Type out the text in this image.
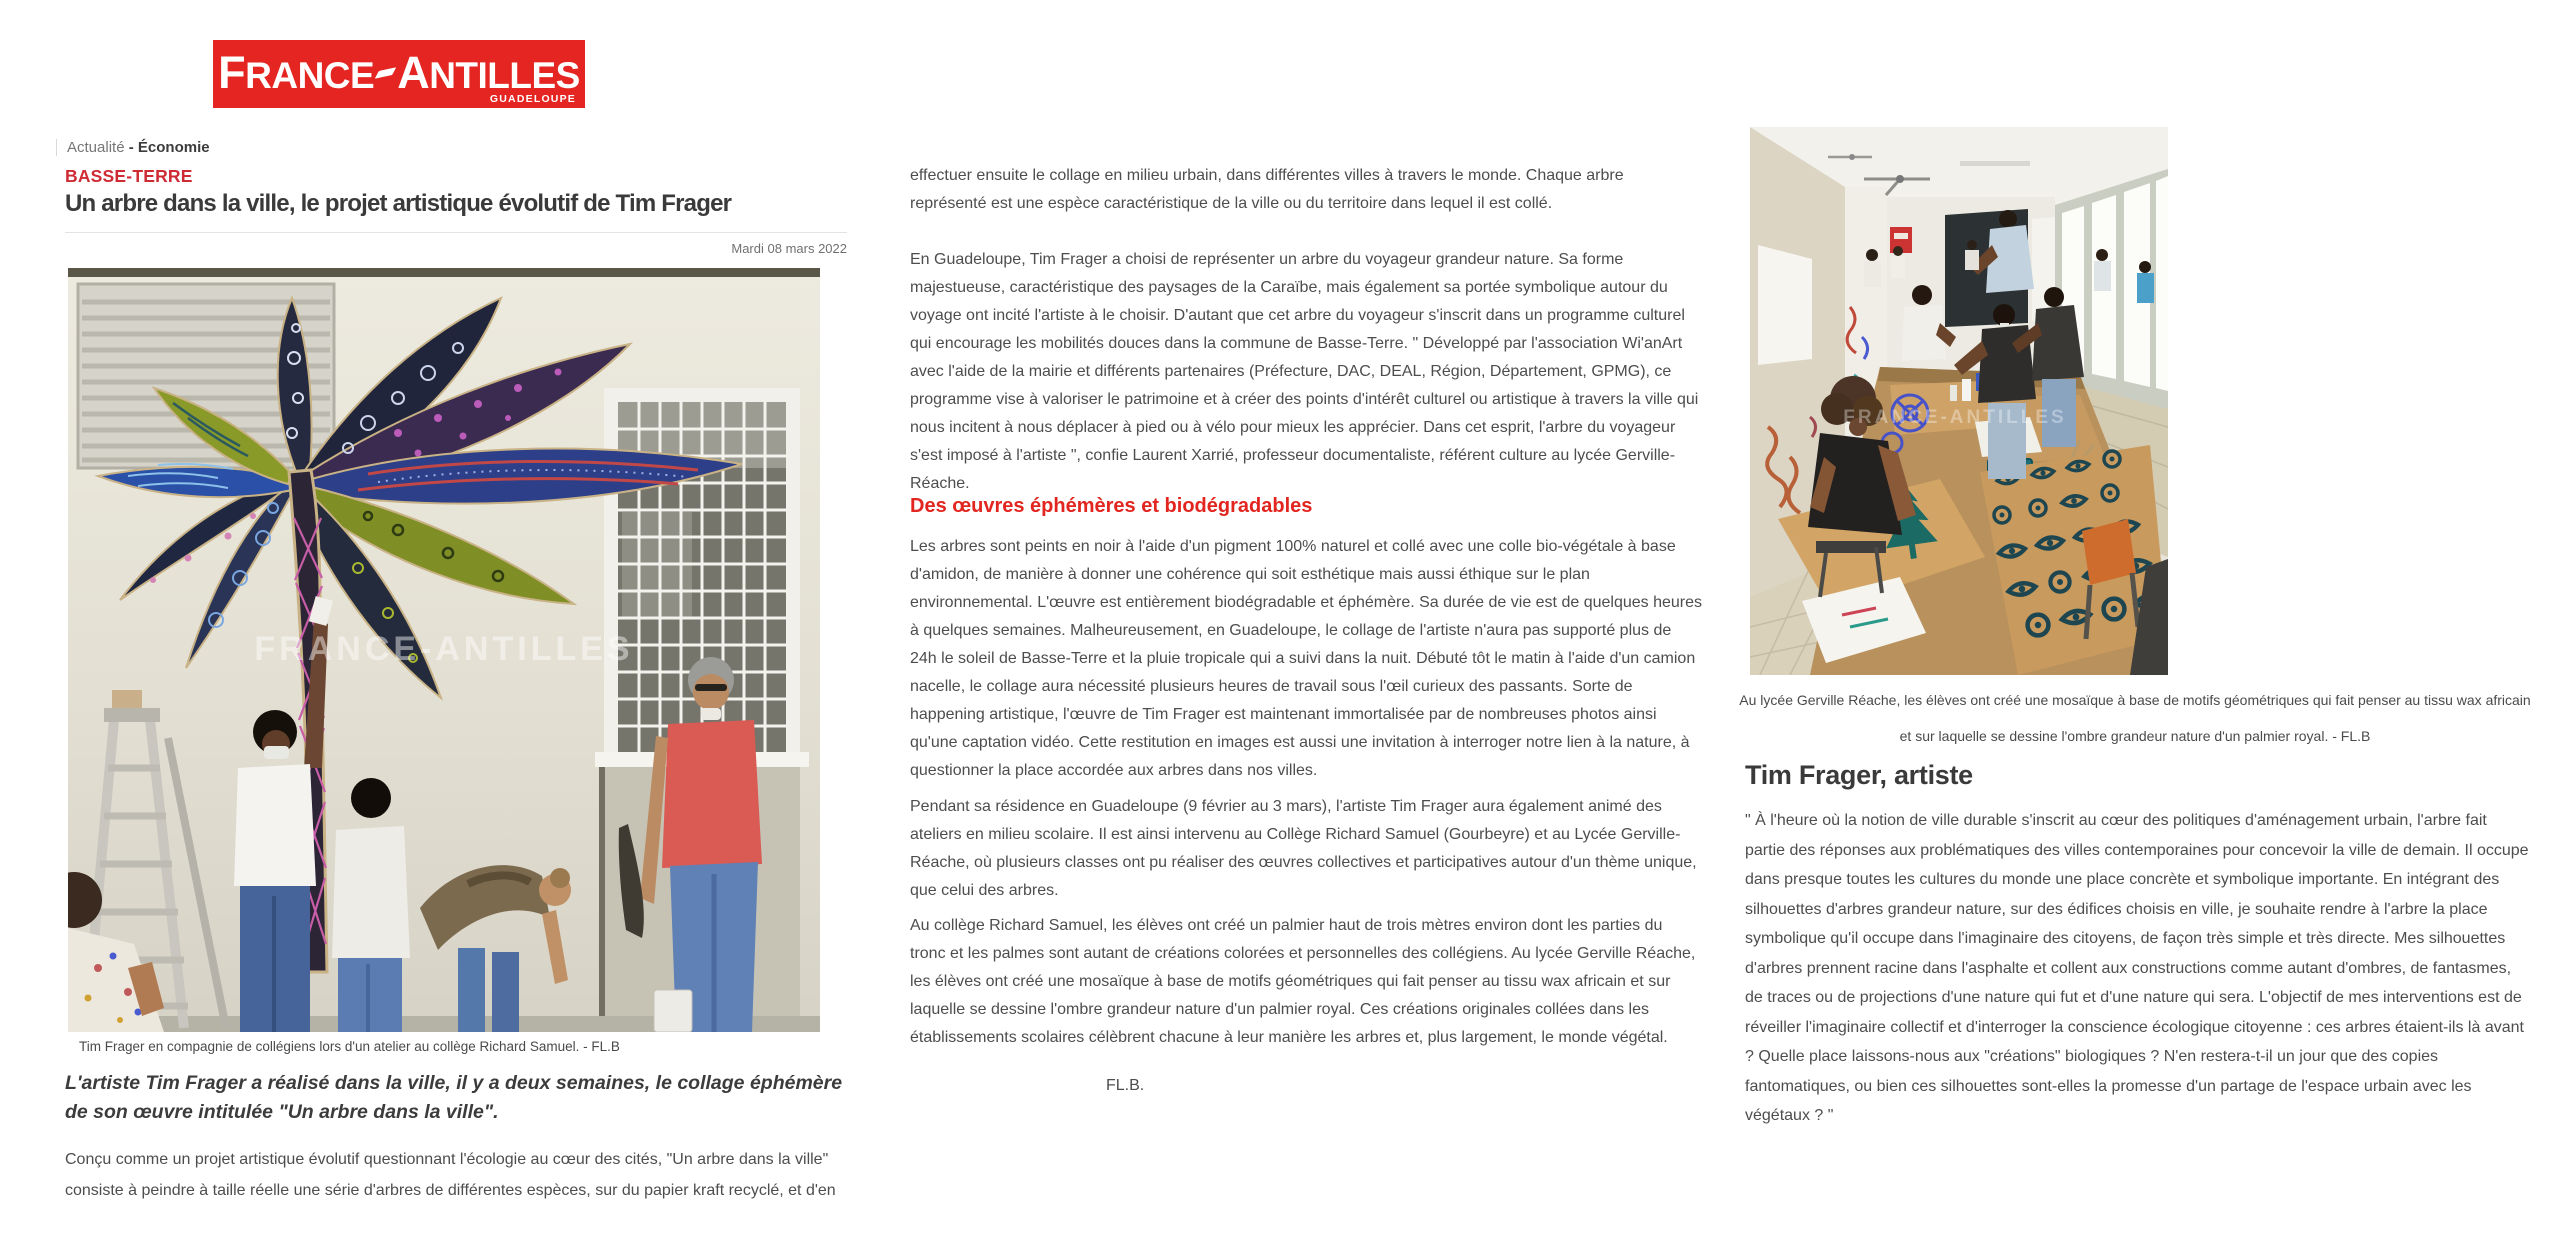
FRANCE ANTILLES
GUADELOUPE
Actualité - Économie
BASSE-TERRE
Un arbre dans la ville, le projet artistique évolutif de Tim Frager
Mardi 08 mars 2022
FRANCE-ANTILLES
Tim Frager en compagnie de collégiens lors d'un atelier au collège Richard Samuel. - FL.B
L'artiste Tim Frager a réalisé dans la ville, il y a deux semaines, le collage éphémère de son œuvre intitulée "Un arbre dans la ville".

Conçu comme un projet artistique évolutif questionnant l'écologie au cœur des cités, "Un arbre dans la ville" consiste à peindre à taille réelle une série d'arbres de différentes espèces, sur du papier kraft recyclé, et d'en

effectuer ensuite le collage en milieu urbain, dans différentes villes à travers le monde. Chaque arbre représenté est une espèce caractéristique de la ville ou du territoire dans lequel il est collé.

En Guadeloupe, Tim Frager a choisi de représenter un arbre du voyageur grandeur nature. Sa forme majestueuse, caractéristique des paysages de la Caraïbe, mais également sa portée symbolique autour du voyage ont incité l'artiste à le choisir. D'autant que cet arbre du voyageur s'inscrit dans un programme culturel qui encourage les mobilités douces dans la commune de Basse-Terre. " Développé par l'association Wi'anArt avec l'aide de la mairie et différents partenaires (Préfecture, DAC, DEAL, Région, Département, GPMG), ce programme vise à valoriser le patrimoine et à créer des points d'intérêt culturel ou artistique à travers la ville qui nous incitent à nous déplacer à pied ou à vélo pour mieux les apprécier. Dans cet esprit, l'arbre du voyageur s'est imposé à l'artiste ", confie Laurent Xarrié, professeur documentaliste, référent culture au lycée Gerville-Réache.

Des œuvres éphémères et biodégradables

Les arbres sont peints en noir à l'aide d'un pigment 100% naturel et collé avec une colle bio-végétale à base d'amidon, de manière à donner une cohérence qui soit esthétique mais aussi éthique sur le plan environnemental. L'œuvre est entièrement biodégradable et éphémère. Sa durée de vie est de quelques heures à quelques semaines. Malheureusement, en Guadeloupe, le collage de l'artiste n'aura pas supporté plus de 24h le soleil de Basse-Terre et la pluie tropicale qui a suivi dans la nuit. Débuté tôt le matin à l'aide d'un camion nacelle, le collage aura nécessité plusieurs heures de travail sous l'œil curieux des passants. Sorte de happening artistique, l'œuvre de Tim Frager est maintenant immortalisée par de nombreuses photos ainsi qu'une captation vidéo. Cette restitution en images est aussi une invitation à interroger notre lien à la nature, à questionner la place accordée aux arbres dans nos villes.

Pendant sa résidence en Guadeloupe (9 février au 3 mars), l'artiste Tim Frager aura également animé des ateliers en milieu scolaire. Il est ainsi intervenu au Collège Richard Samuel (Gourbeyre) et au Lycée Gerville-Réache, où plusieurs classes ont pu réaliser des œuvres collectives et participatives autour d'un thème unique, que celui des arbres.

Au collège Richard Samuel, les élèves ont créé un palmier haut de trois mètres environ dont les parties du tronc et les palmes sont autant de créations colorées et personnelles des collégiens. Au lycée Gerville Réache, les élèves ont créé une mosaïque à base de motifs géométriques qui fait penser au tissu wax africain et sur laquelle se dessine l'ombre grandeur nature d'un palmier royal. Ces créations originales collées dans les établissements scolaires célèbrent chacune à leur manière les arbres et, plus largement, le monde végétal.

FL.B.
FRANCE-ANTILLES
Au lycée Gerville Réache, les élèves ont créé une mosaïque à base de motifs géométriques qui fait penser au tissu wax africain et sur laquelle se dessine l'ombre grandeur nature d'un palmier royal. - FL.B
Tim Frager, artiste

" À l'heure où la notion de ville durable s'inscrit au cœur des politiques d'aménagement urbain, l'arbre fait partie des réponses aux problématiques des villes contemporaines pour concevoir la ville de demain. Il occupe dans presque toutes les cultures du monde une place concrète et symbolique importante. En intégrant des silhouettes d'arbres grandeur nature, sur des édifices choisis en ville, je souhaite rendre à l'arbre la place symbolique qu'il occupe dans l'imaginaire des citoyens, de façon très simple et très directe. Mes silhouettes d'arbres prennent racine dans l'asphalte et collent aux constructions comme autant d'ombres, de fantasmes, de traces ou de projections d'une nature qui fut et d'une nature qui sera. L'objectif de mes interventions est de réveiller l'imaginaire collectif et d'interroger la conscience écologique citoyenne : ces arbres étaient-ils là avant ? Quelle place laissons-nous aux "créations" biologiques ? N'en restera-t-il un jour que des copies fantomatiques, ou bien ces silhouettes sont-elles la promesse d'un partage de l'espace urbain avec les végétaux ? "
